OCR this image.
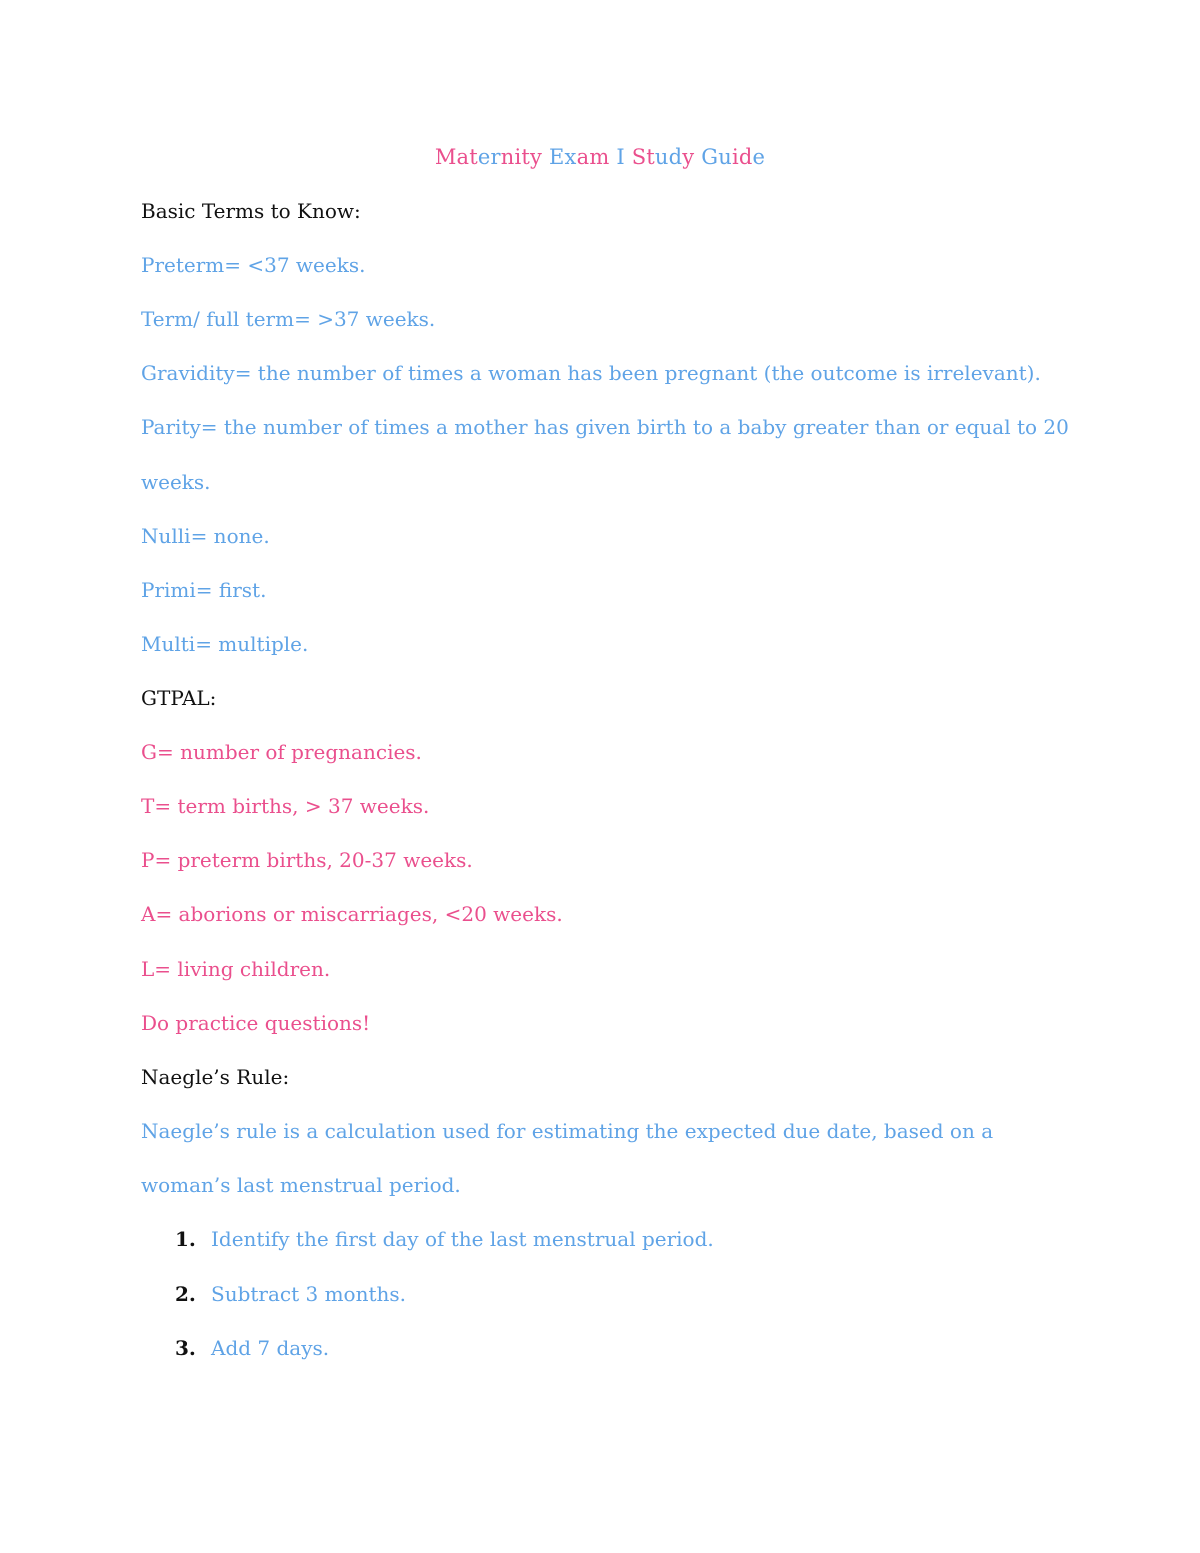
Maternity Exam I Study Guide
Basic Terms to Know:
Preterm= <37 weeks.
Term/ full term= >37 weeks.
Gravidity= the number of times a woman has been pregnant (the outcome is irrelevant).
Parity= the number of times a mother has given birth to a baby greater than or equal to 20
weeks.
Nulli= none.
Primi= first.
Multi= multiple.
GTPAL:
G= number of pregnancies.
T= term births, > 37 weeks.
P= preterm births, 20-37 weeks.
A= aborions or miscarriages, <20 weeks.
L= living children.
Do practice questions!
Naegle’s Rule:
Naegle’s rule is a calculation used for estimating the expected due date, based on a
woman’s last menstrual period.
1. Identify the first day of the last menstrual period.
2. Subtract 3 months.
3. Add 7 days.
